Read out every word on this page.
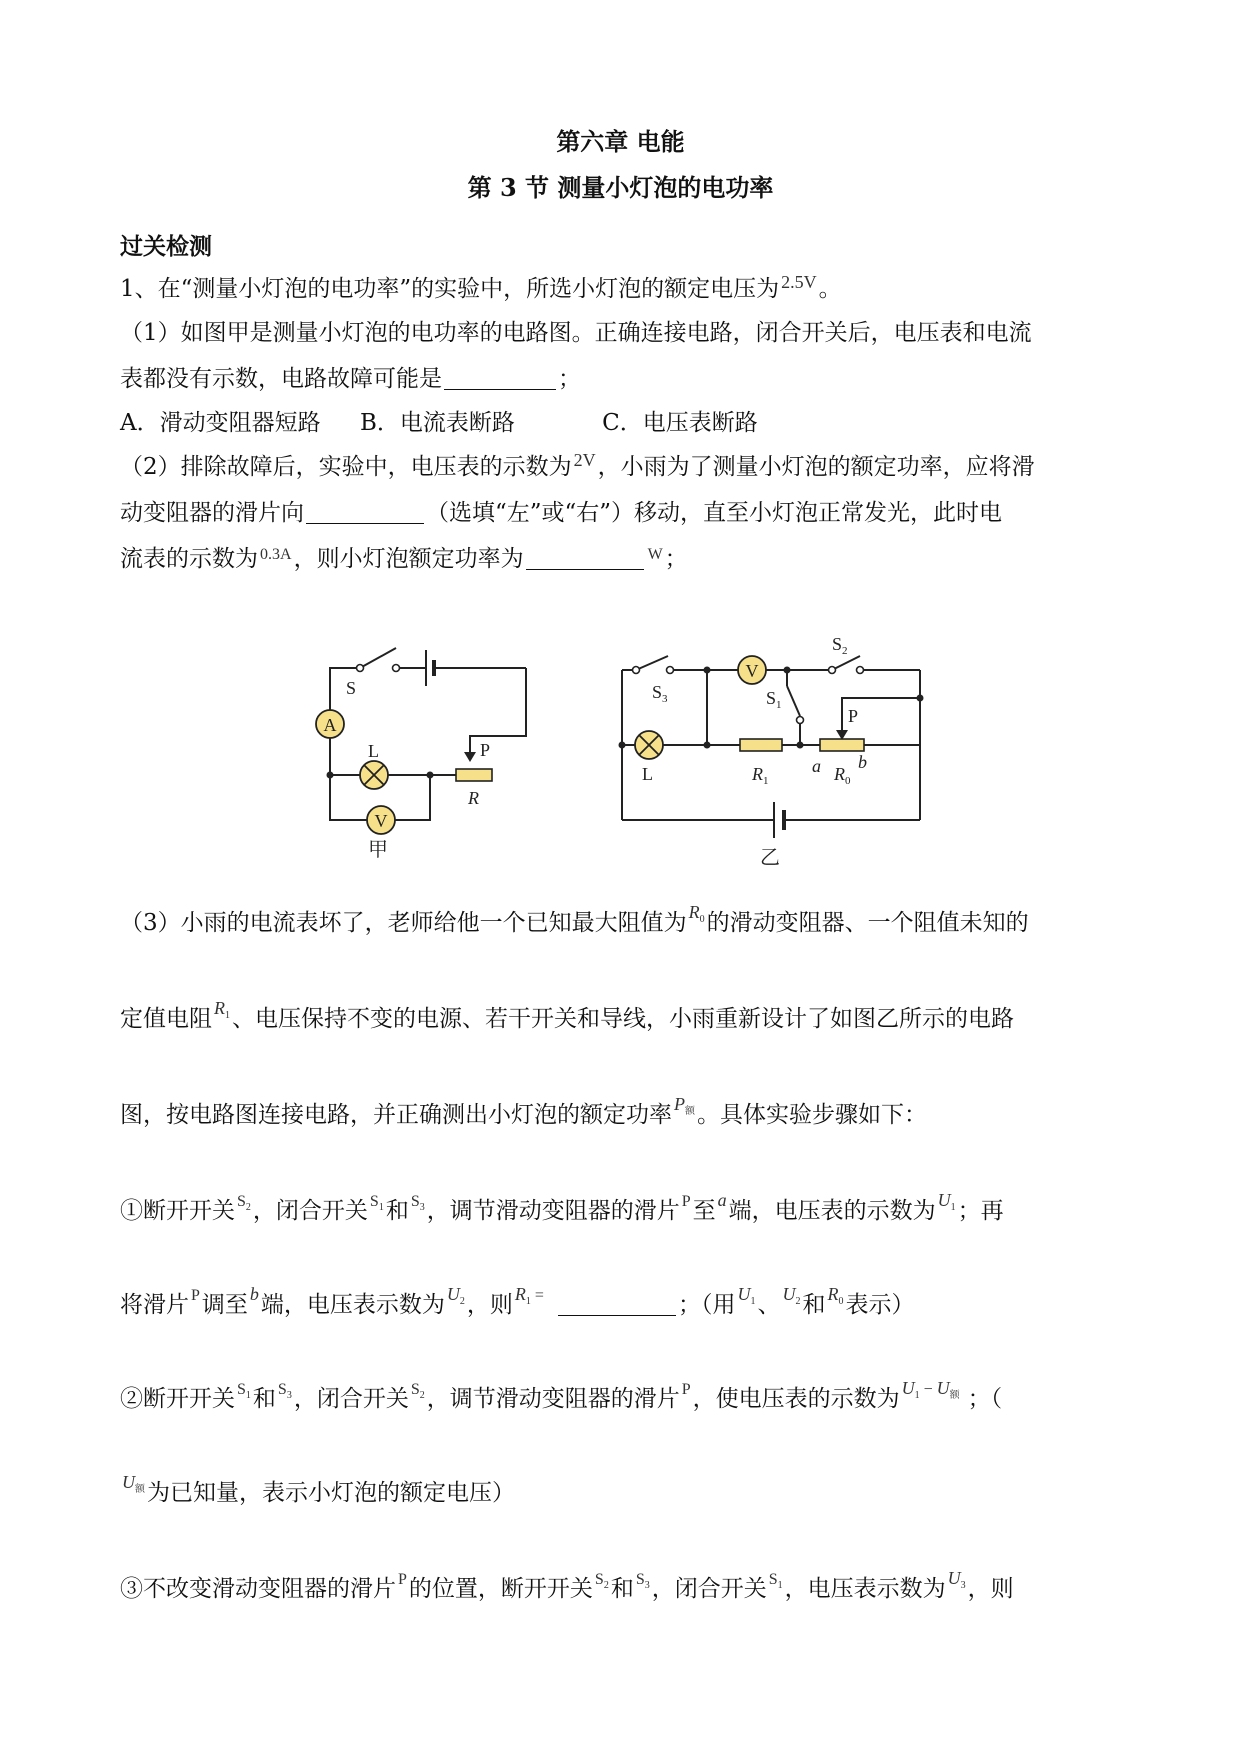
第六章 电能
第 3 节 测量小灯泡的电功率
过关检测
1、在“测量小灯泡的电功率”的实验中，所选小灯泡的额定电压为 $^{2.5V}$。
（1）如图甲是测量小灯泡的电功率的电路图。正确连接电路，闭合开关后，电压表和电流
表都没有示数，电路故障可能是	；
A．滑动变阻器短路 B．电流表断路	C．电压表断路
（2）排除故障后，实验中，电压表的示数为 $^{2V}$，小雨为了测量小灯泡的额定功率，应将滑
动变阻器的滑片向	（选填“左”或“右”）移动，直至小灯泡正常发光，此时电
流表的示数为 $^{0.3A}$，则小灯泡额定功率为	$^W$；
A
V
S
L	P
R
甲
V
$S_3$
$S_2$
$S_1$
P
L	$R_1$
a $R_0$
b
乙
（3）小雨的电流表坏了，老师给他一个已知最大阻值为 $^{R_0}$的滑动变阻器、一个阻值未知的
定值电阻 $^{R_1}$、电压保持不变的电源、若干开关和导线，小雨重新设计了如图乙所示的电路
图，按电路图连接电路，并正确测出小灯泡的额定功率 $^{P_额}$。具体实验步骤如下：
①断开开关 $^{S_2}$，闭合开关 $^{S_1}$和 $^{S_3}$，调节滑动变阻器的滑片 $^P$至 $^a$端，电压表的示数为 $^{U_1}$；再
将滑片 $^P$调至 $^b$端，电压表示数为 $^{U_2}$，则 $^{R_1 =}$	；（用 $^{U_1}$、 $^{U_2}$和 $^{R_0}$表示）
②断开开关 $^{S_1}$和 $^{S_3}$，闭合开关 $^{S_2}$，调节滑动变阻器的滑片 $^P$，使电压表的示数为 $^{U_1 - U_额}$ ；（
$^{U_额}$为已知量，表示小灯泡的额定电压）
③不改变滑动变阻器的滑片 $^P$的位置，断开开关 $^{S_2}$和 $^{S_3}$，闭合开关 $^{S_1}$，电压表示数为 $^{U_3}$，则
